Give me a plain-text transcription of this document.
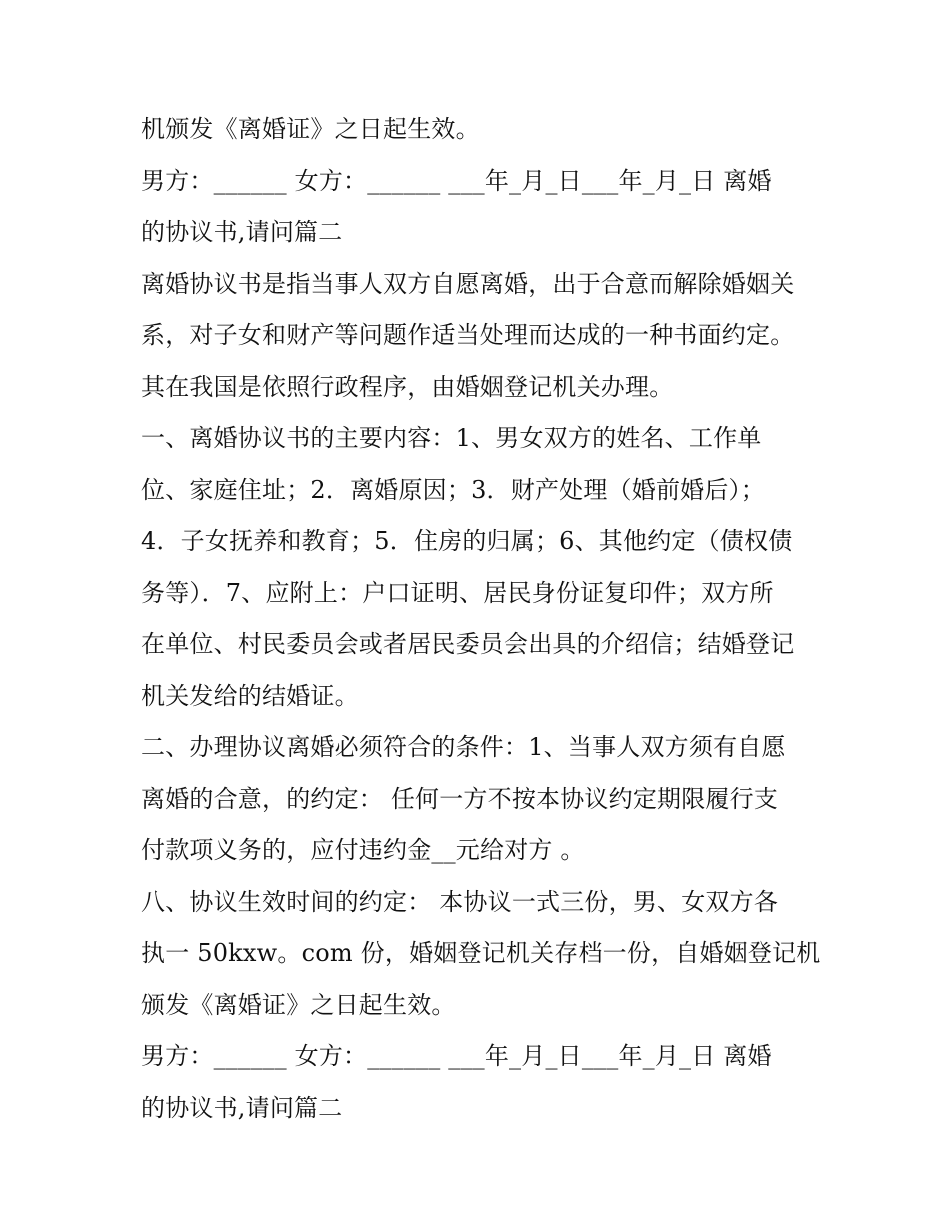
机颁发《离婚证》之日起生效。
男方：______ 女方：______ ___年_月_日___年_月_日 离婚
的协议书,请问篇二
离婚协议书是指当事人双方自愿离婚，出于合意而解除婚姻关
系，对子女和财产等问题作适当处理而达成的一种书面约定。
其在我国是依照行政程序，由婚姻登记机关办理。
一、离婚协议书的主要内容：1、男女双方的姓名、工作单
位、家庭住址；2．离婚原因；3．财产处理（婚前婚后）；
4．子女抚养和教育；5．住房的归属；6、其他约定（债权债
务等）．7、应附上：户口证明、居民身份证复印件；双方所
在单位、村民委员会或者居民委员会出具的介绍信；结婚登记
机关发给的结婚证。
二、办理协议离婚必须符合的条件：1、当事人双方须有自愿
离婚的合意，的约定： 任何一方不按本协议约定期限履行支
付款项义务的，应付违约金__元给对方 。
八、协议生效时间的约定： 本协议一式三份，男、女双方各
执一 50kxw。com 份，婚姻登记机关存档一份，自婚姻登记机
颁发《离婚证》之日起生效。
男方：______ 女方：______ ___年_月_日___年_月_日 离婚
的协议书,请问篇二
